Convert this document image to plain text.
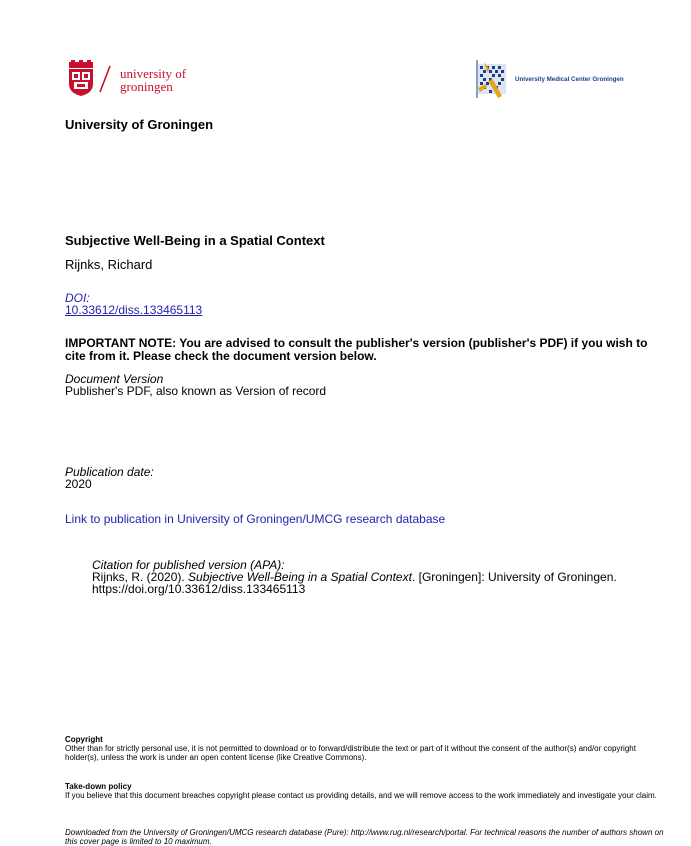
university of
groningen	University Medical Center Groningen
University of Groningen
Subjective Well-Being in a Spatial Context
Rijnks, Richard
DOI:
10.33612/diss.133465113
IMPORTANT NOTE: You are advised to consult the publisher's version (publisher's PDF) if you wish to cite from it. Please check the document version below.
Document Version
Publisher's PDF, also known as Version of record
Publication date:
2020
Link to publication in University of Groningen/UMCG research database
Citation for published version (APA):
Rijnks, R. (2020). Subjective Well-Being in a Spatial Context. [Groningen]: University of Groningen.
https://doi.org/10.33612/diss.133465113
Copyright
Other than for strictly personal use, it is not permitted to download or to forward/distribute the text or part of it without the consent of the author(s) and/or copyright holder(s), unless the work is under an open content license (like Creative Commons).
Take-down policy
If you believe that this document breaches copyright please contact us providing details, and we will remove access to the work immediately and investigate your claim.
Downloaded from the University of Groningen/UMCG research database (Pure): http://www.rug.nl/research/portal. For technical reasons the number of authors shown on this cover page is limited to 10 maximum.
